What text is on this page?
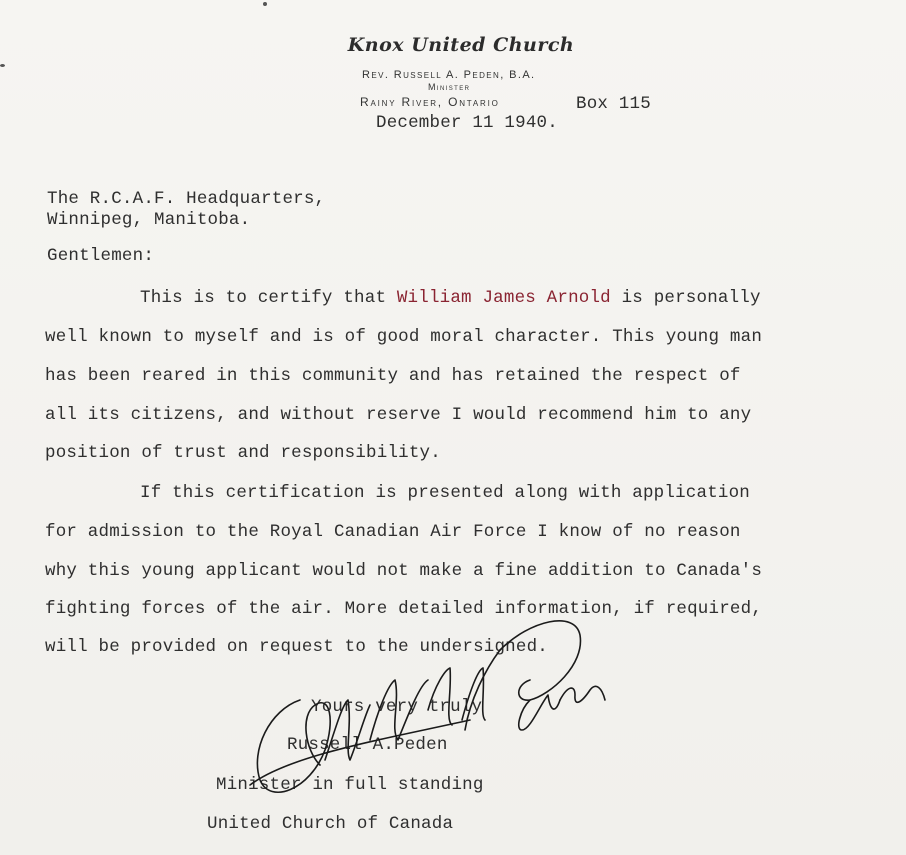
Knox United Church
Rev. Russell A. Peden, B.A.
Minister
Rainy River, Ontario	Box 115
December 11 1940.
The R.C.A.F. Headquarters,
Winnipeg, Manitoba.
Gentlemen:
This is to certify that William James Arnold is personally
well known to myself and is of good moral character. This young man
has been reared in this community and has retained the respect of
all its citizens, and without reserve I would recommend him to any
position of trust and responsibility.
If this certification is presented along with application
for admission to the Royal Canadian Air Force I know of no reason
why this young applicant would not make a fine addition to Canada's
fighting forces of the air. More detailed information, if required,
will be provided on request to the undersigned.
Yours very truly
Russell A.Peden
Minister in full standing
United Church of Canada
